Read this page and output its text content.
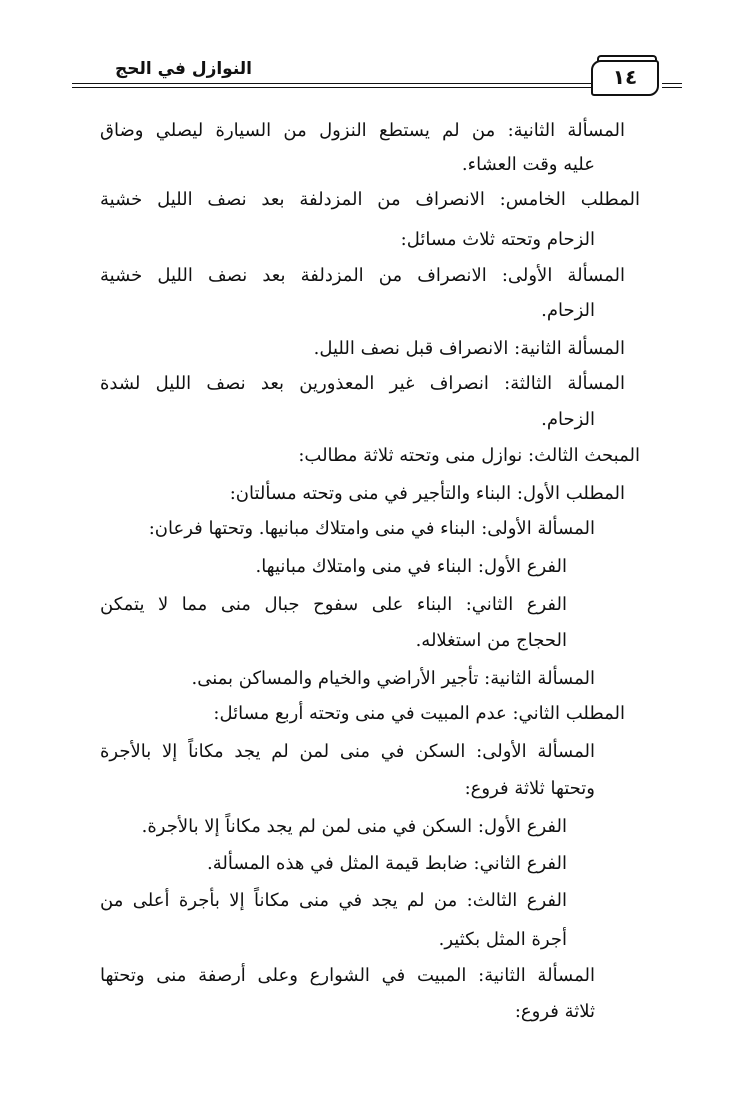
النوازل في الحج	١٤
المسألة الثانية: من لم يستطع النزول من السيارة ليصلي وضاق
عليه وقت العشاء.
المطلب الخامس: الانصراف من المزدلفة بعد نصف الليل خشية
الزحام وتحته ثلاث مسائل:
المسألة الأولى: الانصراف من المزدلفة بعد نصف الليل خشية
الزحام.
المسألة الثانية: الانصراف قبل نصف الليل.
المسألة الثالثة: انصراف غير المعذورين بعد نصف الليل لشدة
الزحام.
المبحث الثالث: نوازل منى وتحته ثلاثة مطالب:
المطلب الأول: البناء والتأجير في منى وتحته مسألتان:
المسألة الأولى: البناء في منى وامتلاك مبانيها. وتحتها فرعان:
الفرع الأول: البناء في منى وامتلاك مبانيها.
الفرع الثاني: البناء على سفوح جبال منى مما لا يتمكن
الحجاج من استغلاله.
المسألة الثانية: تأجير الأراضي والخيام والمساكن بمنى.
المطلب الثاني: عدم المبيت في منى وتحته أربع مسائل:
المسألة الأولى: السكن في منى لمن لم يجد مكاناً إلا بالأجرة
وتحتها ثلاثة فروع:
الفرع الأول: السكن في منى لمن لم يجد مكاناً إلا بالأجرة.
الفرع الثاني: ضابط قيمة المثل في هذه المسألة.
الفرع الثالث: من لم يجد في منى مكاناً إلا بأجرة أعلى من
أجرة المثل بكثير.
المسألة الثانية: المبيت في الشوارع وعلى أرصفة منى وتحتها
ثلاثة فروع:
